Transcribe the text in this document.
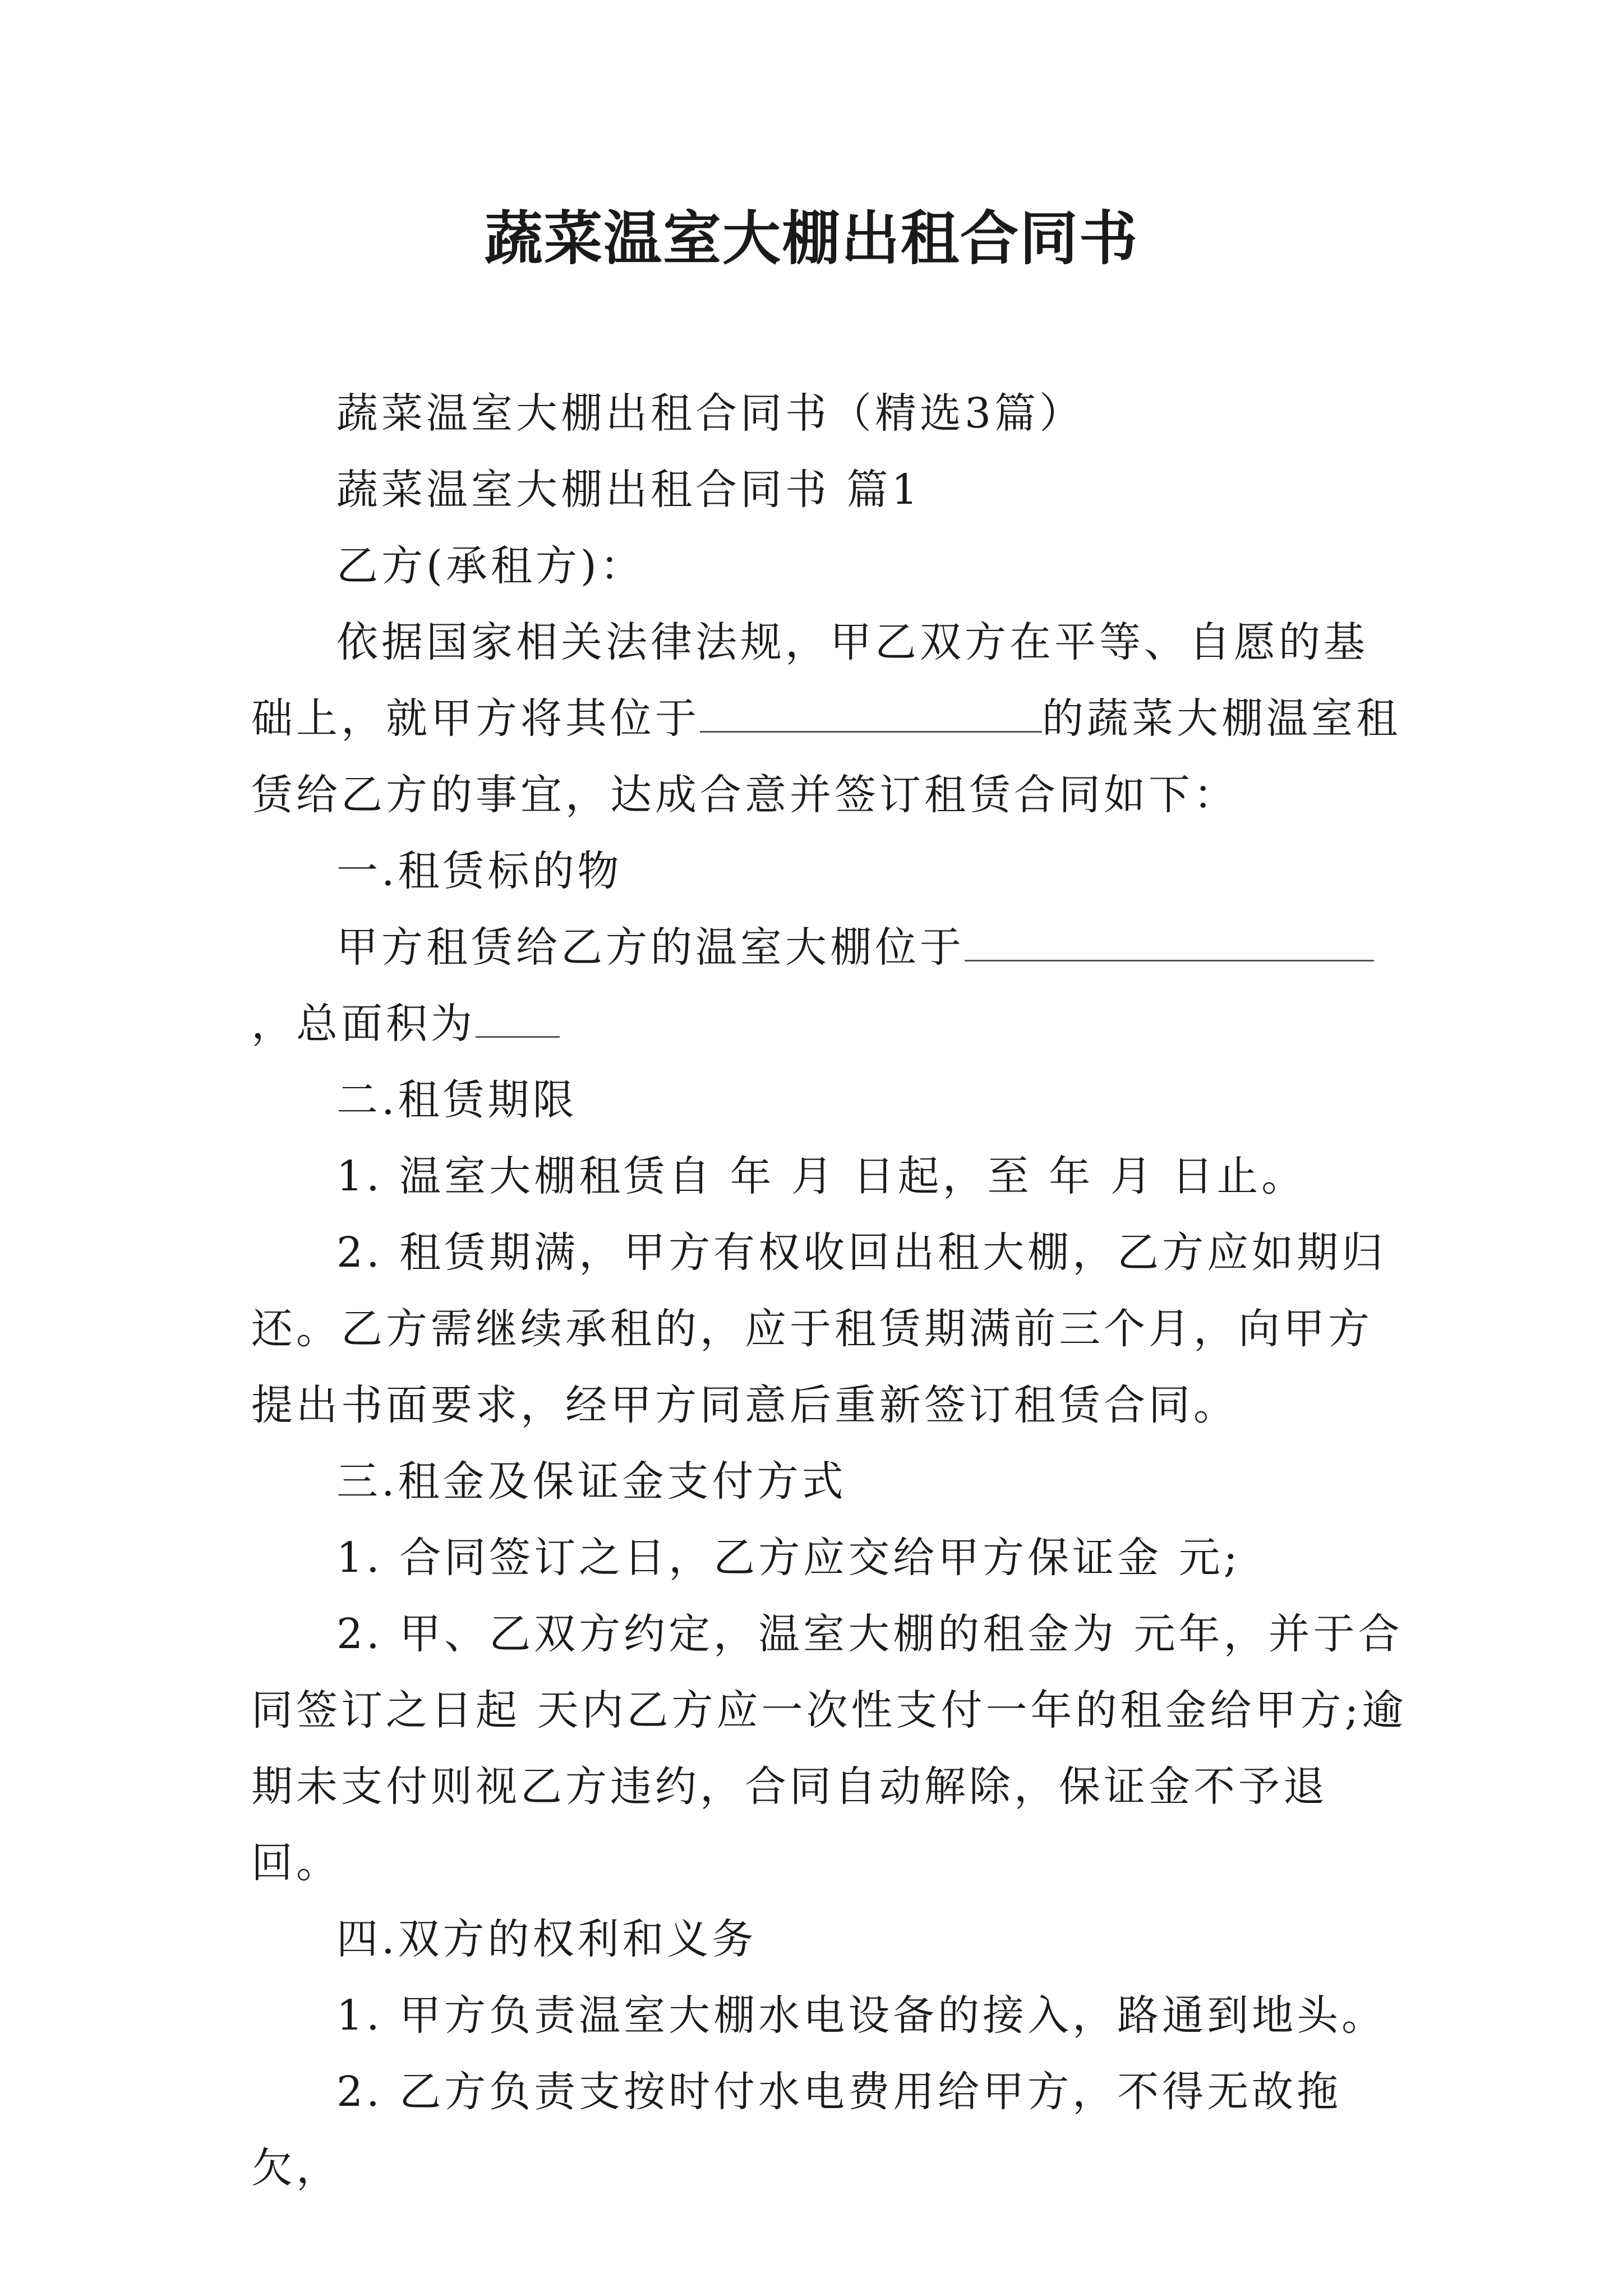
蔬菜温室大棚出租合同书

蔬菜温室大棚出租合同书（精选3篇）

蔬菜温室大棚出租合同书 篇1

乙方(承租方)：

依据国家相关法律法规，甲乙双方在平等、自愿的基础上，就甲方将其位于	的蔬菜大棚温室租赁给乙方的事宜，达成合意并签订租赁合同如下：

一.租赁标的物

甲方租赁给乙方的温室大棚位于，总面积为

二.租赁期限

1. 温室大棚租赁自 年 月 日起，至 年 月 日止。

2. 租赁期满，甲方有权收回出租大棚，乙方应如期归还。乙方需继续承租的，应于租赁期满前三个月，向甲方提出书面要求，经甲方同意后重新签订租赁合同。

三.租金及保证金支付方式

1. 合同签订之日，乙方应交给甲方保证金 元;

2. 甲、乙双方约定，温室大棚的租金为 元年，并于合同签订之日起 天内乙方应一次性支付一年的租金给甲方;逾期未支付则视乙方违约，合同自动解除，保证金不予退回。

四.双方的权利和义务

1. 甲方负责温室大棚水电设备的接入，路通到地头。

2. 乙方负责支按时付水电费用给甲方，不得无故拖欠，
